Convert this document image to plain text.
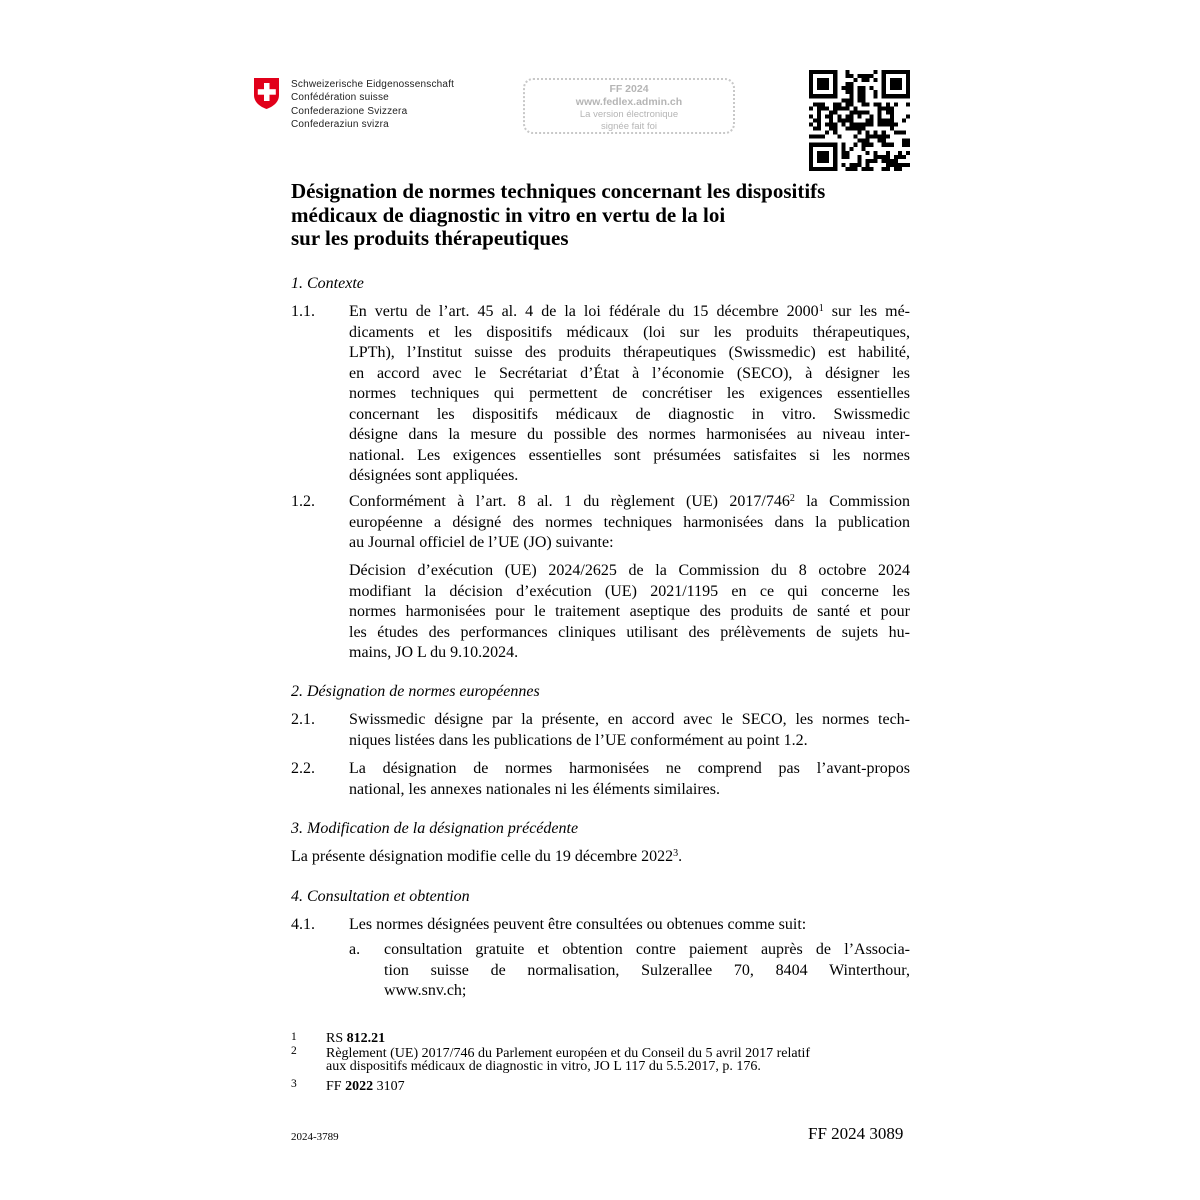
Schweizerische Eidgenossenschaft
Confédération suisse
Confederazione Svizzera
Confederaziun svizra
FF 2024
www.fedlex.admin.ch
La version électronique
signée fait foi
Désignation de normes techniques concernant les dispositifs
médicaux de diagnostic in vitro en vertu de la loi
sur les produits thérapeutiques
1. Contexte
1.1. En vertu de l’art. 45 al. 4 de la loi fédérale du 15 décembre 2000$^1$ sur les mé-
dicaments et les dispositifs médicaux (loi sur les produits thérapeutiques,
LPTh), l’Institut suisse des produits thérapeutiques (Swissmedic) est habilité,
en accord avec le Secrétariat d’État à l’économie (SECO), à désigner les
normes techniques qui permettent de concrétiser les exigences essentielles
concernant les dispositifs médicaux de diagnostic in vitro. Swissmedic
désigne dans la mesure du possible des normes harmonisées au niveau inter-
national. Les exigences essentielles sont présumées satisfaites si les normes
désignées sont appliquées.
1.2. Conformément à l’art. 8 al. 1 du règlement (UE) $2017/746^2$ la Commission
européenne a désigné des normes techniques harmonisées dans la publication
au Journal officiel de l’UE (JO) suivante:
Décision d’exécution (UE) 2024/2625 de la Commission du 8 octobre 2024
modifiant la décision d’exécution (UE) 2021/1195 en ce qui concerne les
normes harmonisées pour le traitement aseptique des produits de santé et pour
les études des performances cliniques utilisant des prélèvements de sujets hu-
mains, JO L du 9.10.2024.
2. Désignation de normes européennes
2.1. Swissmedic désigne par la présente, en accord avec le SECO, les normes tech-
niques listées dans les publications de l’UE conformément au point 1.2.
2.2. La désignation de normes harmonisées ne comprend pas l’avant-propos
national, les annexes nationales ni les éléments similaires.
3. Modification de la désignation précédente
La présente désignation modifie celle du 19 décembre 2022$^3$.
4. Consultation et obtention
4.1. Les normes désignées peuvent être consultées ou obtenues comme suit:
a. consultation gratuite et obtention contre paiement auprès de l’Associa-
tion suisse de normalisation, Sulzerallee 70, 8404 Winterthour,
www.snv.ch;
1 RS 812.21
2 Règlement (UE) 2017/746 du Parlement européen et du Conseil du 5 avril 2017 relatif
aux dispositifs médicaux de diagnostic in vitro, JO L 117 du 5.5.2017, p. 176.
3 FF 2022 3107
2024-3789	FF 2024 3089
